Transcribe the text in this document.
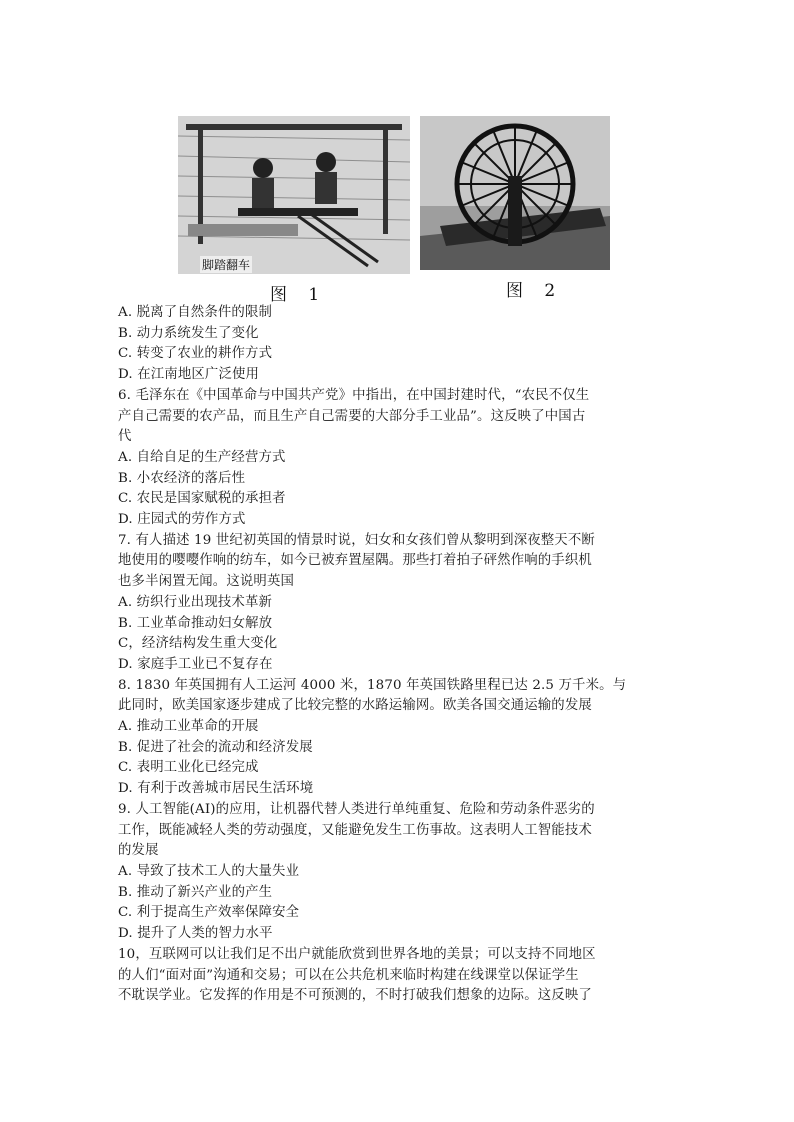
脚踏翻车
图 1	图 2
A. 脱离了自然条件的限制
B. 动力系统发生了变化
C. 转变了农业的耕作方式
D. 在江南地区广泛使用
6. 毛泽东在《中国革命与中国共产党》中指出，在中国封建时代，“农民不仅生
产自己需要的农产品，而且生产自己需要的大部分手工业品”。这反映了中国古
代
A. 自给自足的生产经营方式
B. 小农经济的落后性
C. 农民是国家赋税的承担者
D. 庄园式的劳作方式
7. 有人描述 19 世纪初英国的情景时说，妇女和女孩们曾从黎明到深夜整天不断
地使用的嘤嘤作响的纺车，如今已被弃置屋隅。那些打着拍子砰然作响的手织机
也多半闲置无闻。这说明英国
A. 纺织行业出现技术革新
B. 工业革命推动妇女解放
C，经济结构发生重大变化
D. 家庭手工业已不复存在
8. 1830 年英国拥有人工运河 4000 米，1870 年英国铁路里程已达 2.5 万千米。与
此同时，欧美国家逐步建成了比较完整的水路运输网。欧美各国交通运输的发展
A. 推动工业革命的开展
B. 促进了社会的流动和经济发展
C. 表明工业化已经完成
D. 有利于改善城市居民生活环境
9. 人工智能(AI)的应用，让机器代替人类进行单纯重复、危险和劳动条件恶劣的
工作，既能减轻人类的劳动强度，又能避免发生工伤事故。这表明人工智能技术
的发展
A. 导致了技术工人的大量失业
B. 推动了新兴产业的产生
C. 利于提高生产效率保障安全
D. 提升了人类的智力水平
10，互联网可以让我们足不出户就能欣赏到世界各地的美景；可以支持不同地区
的人们“面对面”沟通和交易；可以在公共危机来临时构建在线课堂以保证学生
不耽误学业。它发挥的作用是不可预测的，不时打破我们想象的边际。这反映了
